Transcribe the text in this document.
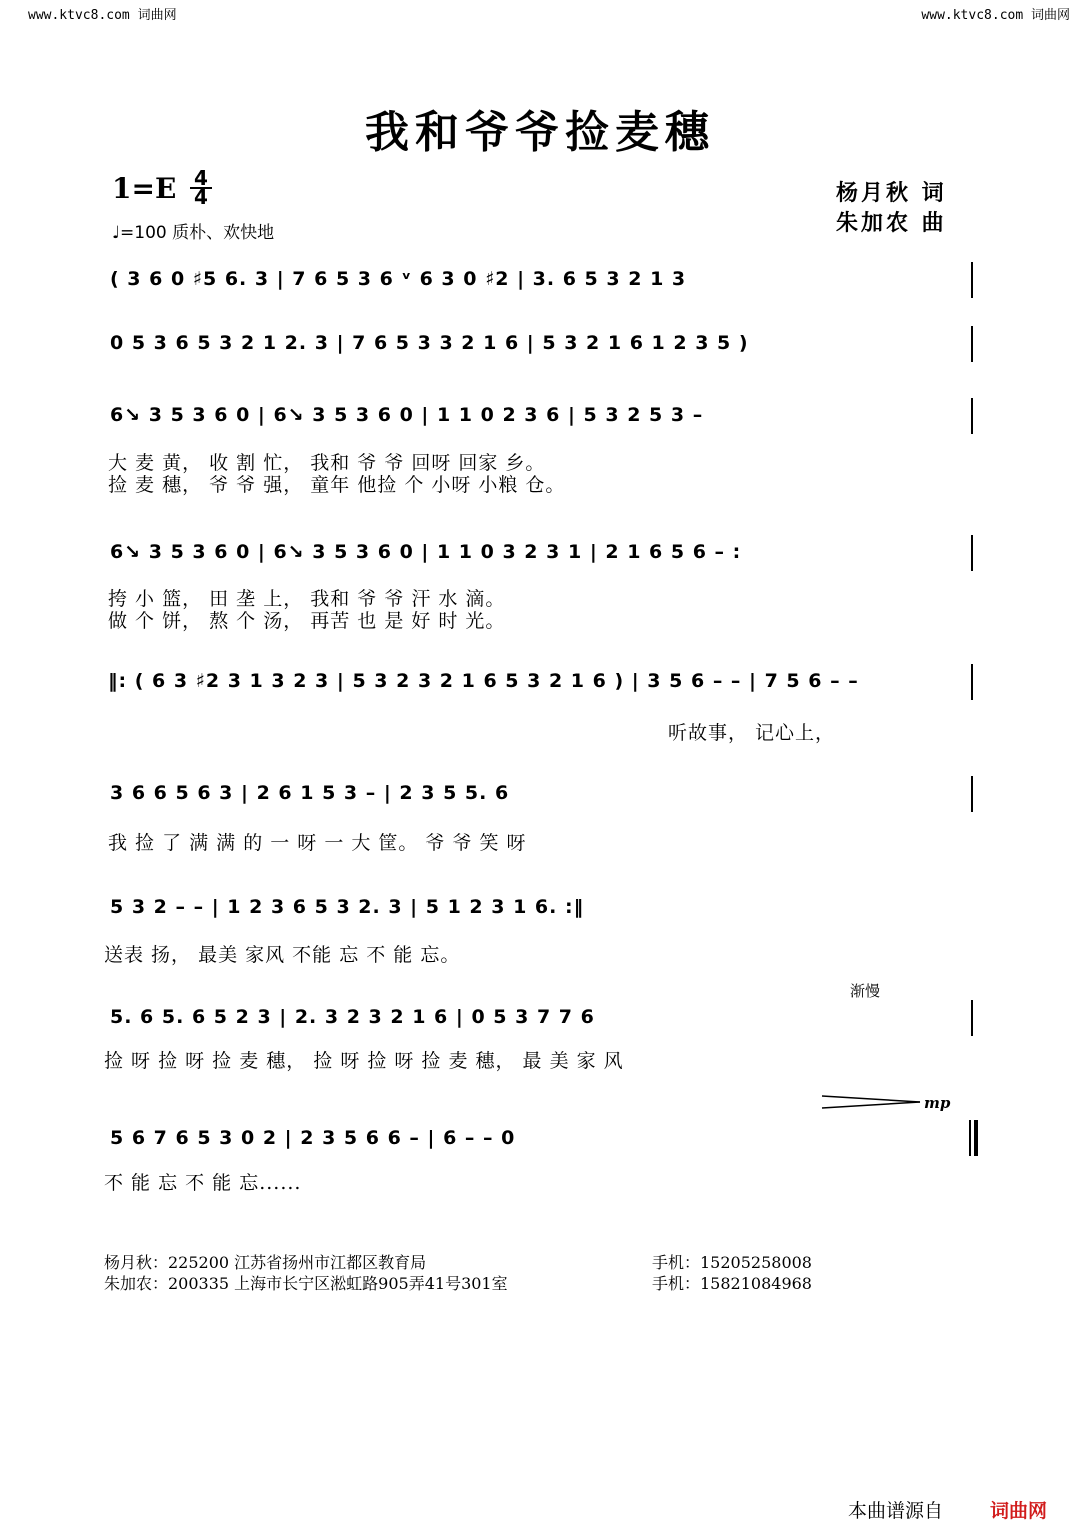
www.ktvc8.com 词曲网	www.ktvc8.com 词曲网
我和爷爷捡麦穗
1=E 4
4
♩=100 质朴、欢快地
杨月秋 词
朱加农 曲
( 3 6 0 ♯5 6. 3 | 7 6 5 3 6 ᵛ 6 3 0 ♯2 | 3. 6 5 3 2 1 3
0 5 3 6 5 3 2 1 2. 3 | 7 6 5 3 3 2 1 6 | 5 3 2 1 6 1 2 3 5 )
6↘ 3 5 3 6 0 | 6↘ 3 5 3 6 0 | 1 1 0 2 3 6 | 5 3 2 5 3 –
大 麦 黄， 收 割 忙， 我和 爷 爷 回呀 回家 乡。
捡 麦 穗， 爷 爷 强， 童年 他捡 个 小呀 小粮 仓。
6↘ 3 5 3 6 0 | 6↘ 3 5 3 6 0 | 1 1 0 3 2 3 1 | 2 1 6 5 6 – :
挎 小 篮， 田 垄 上， 我和 爷 爷 汗 水 滴。
做 个 饼， 熬 个 汤， 再苦 也 是 好 时 光。
‖: ( 6 3 ♯2 3 1 3 2 3 | 5 3 2 3 2 1 6 5 3 2 1 6 ) | 3 5 6 – – | 7 5 6 – –
听故事， 记心上，
3 6 6 5 6 3 | 2 6 1 5 3 – | 2 3 5 5. 6
我 捡 了 满 满 的 一 呀 一 大 筐。 爷 爷 笑 呀
5 3 2 – – | 1 2 3 6 5 3 2. 3 | 5 1 2 3 1 6. :‖
送表 扬， 最美 家风 不能 忘 不 能 忘。
渐慢
5. 6 5. 6 5 2 3 | 2. 3 2 3 2 1 6 | 0 5 3 7 7 6
捡 呀 捡 呀 捡 麦 穗， 捡 呀 捡 呀 捡 麦 穗， 最 美 家 风
mp
5 6 7 6 5 3 0 2 | 2 3 5 6 6 – | 6 – – 0
不 能 忘 不 能 忘......
杨月秋：225200 江苏省扬州市江都区教育局	手机：15205258008
朱加农：200335 上海市长宁区淞虹路905弄41号301室	手机：15821084968
本曲谱源自 词曲网
